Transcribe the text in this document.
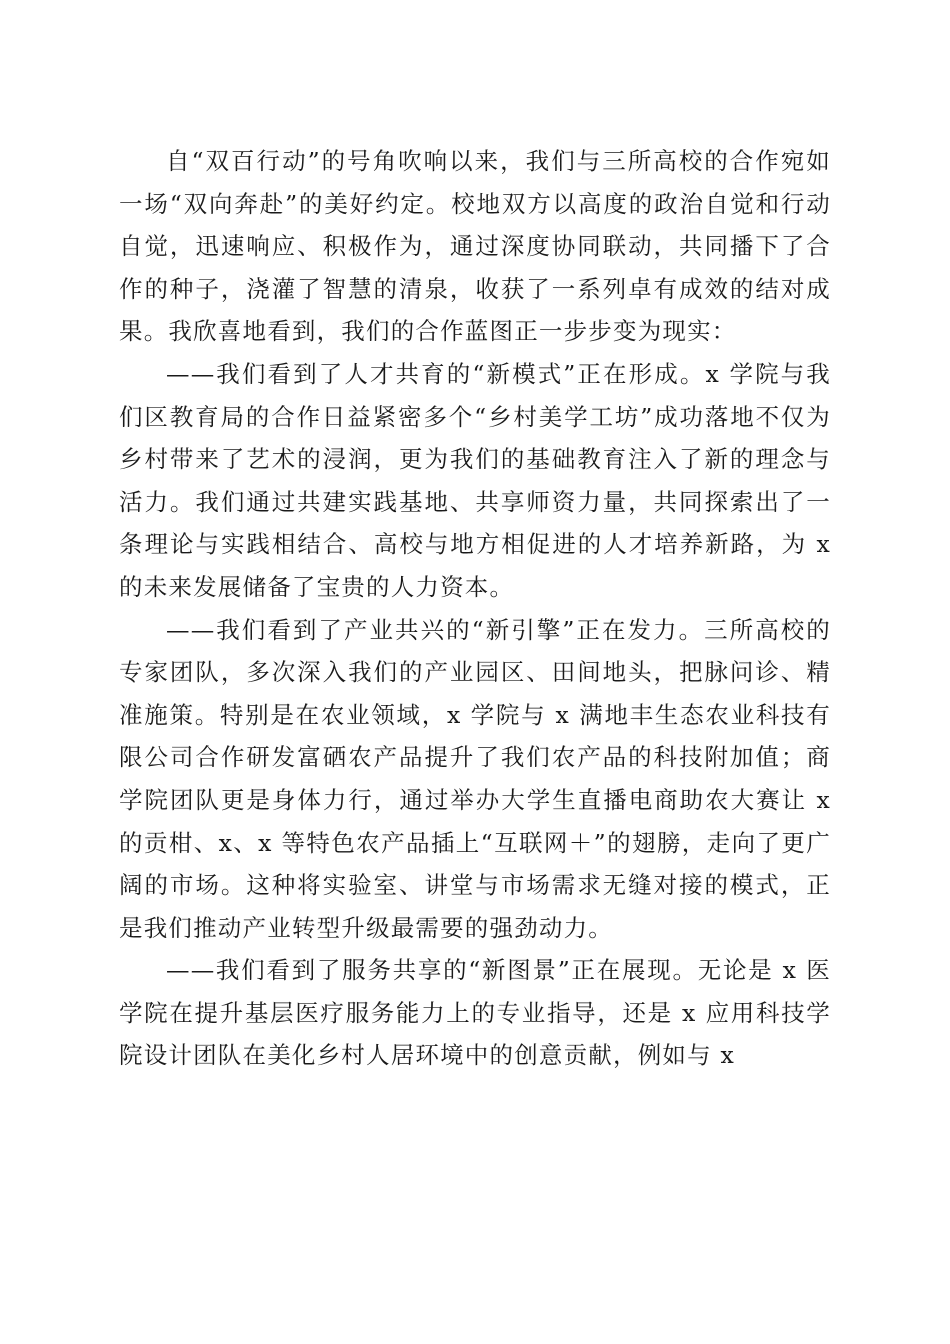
自“双百行动”的号角吹响以来，我们与三所高校的合作宛如一场“双向奔赴”的美好约定。校地双方以高度的政治自觉和行动自觉，迅速响应、积极作为，通过深度协同联动，共同播下了合作的种子，浇灌了智慧的清泉，收获了一系列卓有成效的结对成果。我欣喜地看到，我们的合作蓝图正一步步变为现实：

——我们看到了人才共育的“新模式”正在形成。x 学院与我们区教育局的合作日益紧密多个“乡村美学工坊”成功落地不仅为乡村带来了艺术的浸润，更为我们的基础教育注入了新的理念与活力。我们通过共建实践基地、共享师资力量，共同探索出了一条理论与实践相结合、高校与地方相促进的人才培养新路，为 x 的未来发展储备了宝贵的人力资本。

——我们看到了产业共兴的“新引擎”正在发力。三所高校的专家团队，多次深入我们的产业园区、田间地头，把脉问诊、精准施策。特别是在农业领域，x 学院与 x 满地丰生态农业科技有限公司合作研发富硒农产品提升了我们农产品的科技附加值；商学院团队更是身体力行，通过举办大学生直播电商助农大赛让 x 的贡柑、x、x 等特色农产品插上“互联网＋”的翅膀，走向了更广阔的市场。这种将实验室、讲堂与市场需求无缝对接的模式，正是我们推动产业转型升级最需要的强劲动力。

——我们看到了服务共享的“新图景”正在展现。无论是 x 医学院在提升基层医疗服务能力上的专业指导，还是 x 应用科技学院设计团队在美化乡村人居环境中的创意贡献，例如与 x
